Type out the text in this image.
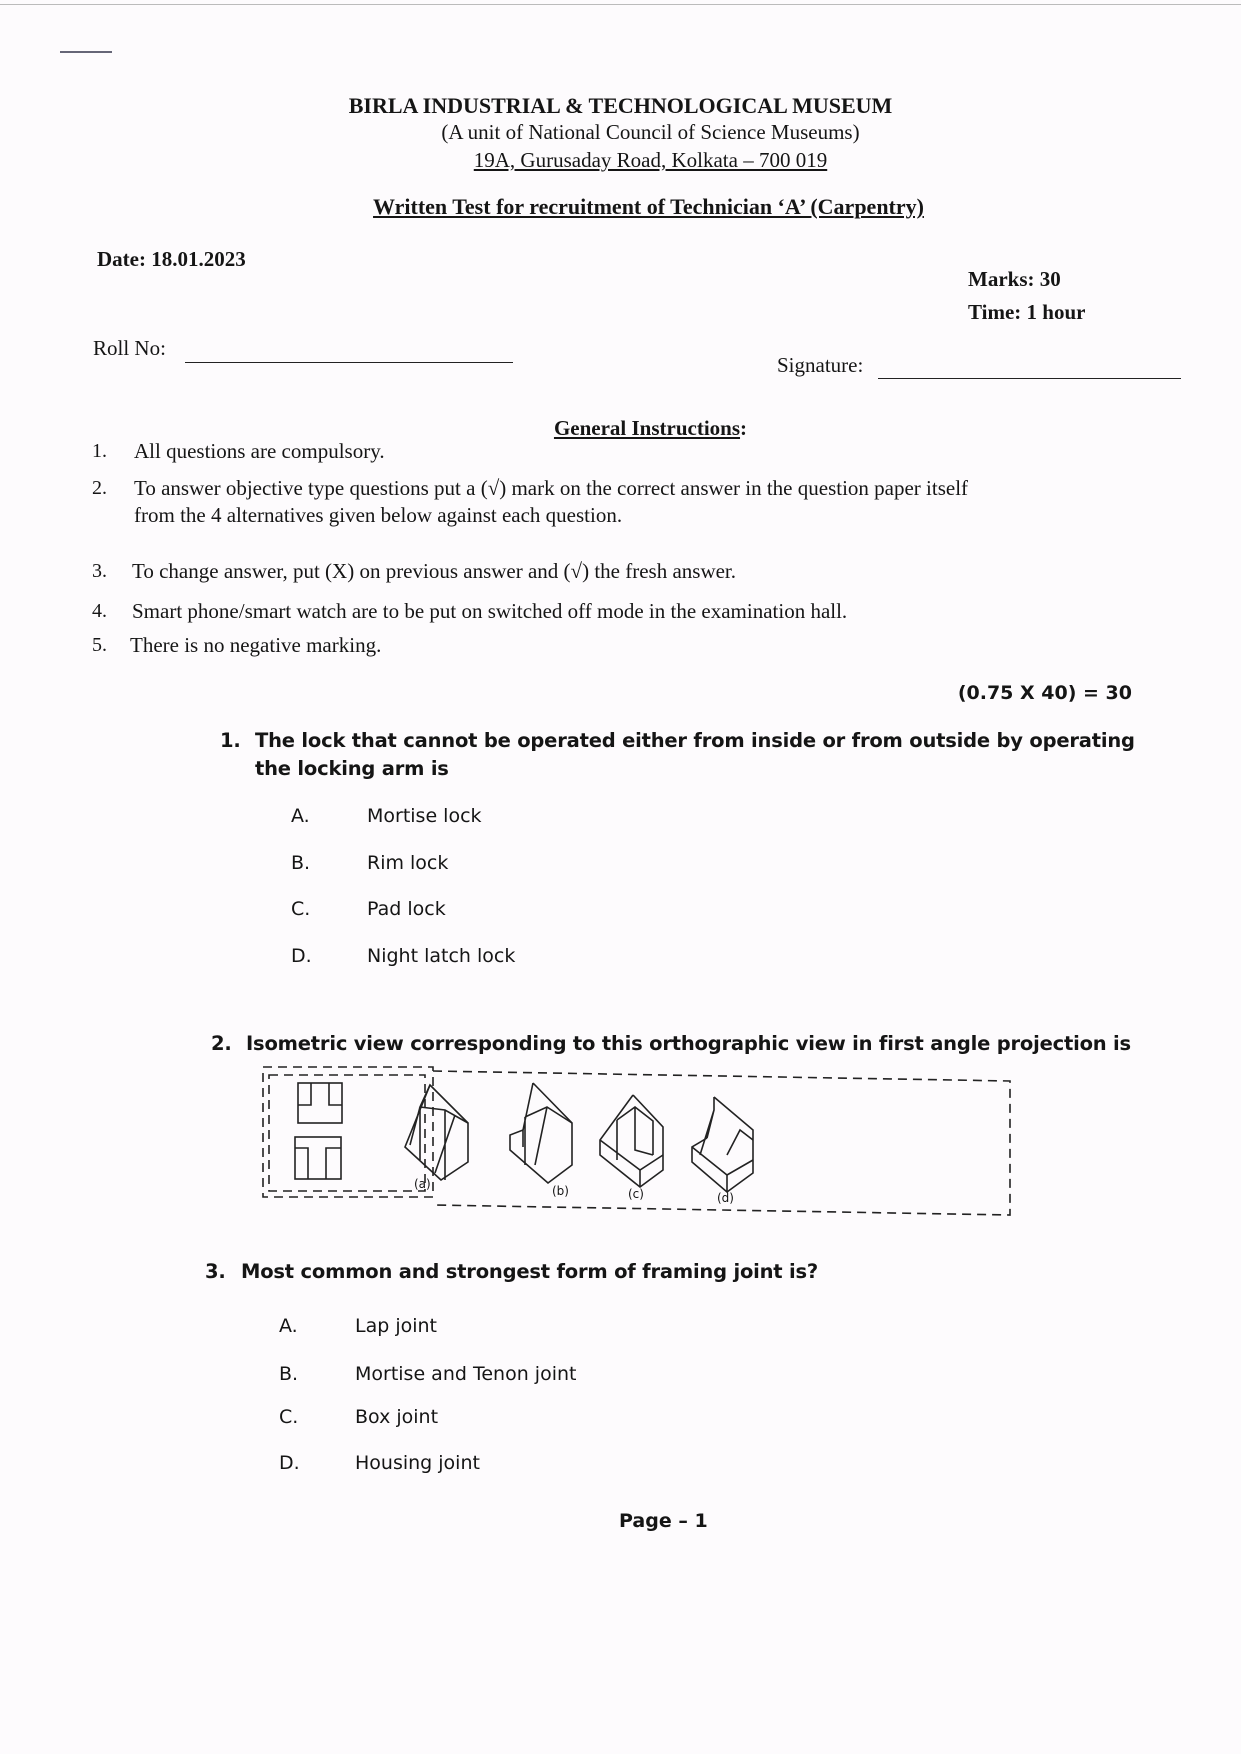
BIRLA INDUSTRIAL & TECHNOLOGICAL MUSEUM
(A unit of National Council of Science Museums)
19A, Gurusaday Road, Kolkata – 700 019
Written Test for recruitment of Technician ‘A’ (Carpentry)
Date: 18.01.2023
Marks: 30
Time: 1 hour
Roll No:
Signature:
General Instructions:
1. All questions are compulsory.
2. To answer objective type questions put a (√) mark on the correct answer in the question paper itself
from the 4 alternatives given below against each question.
3. To change answer, put (X) on previous answer and (√) the fresh answer.
4. Smart phone/smart watch are to be put on switched off mode in the examination hall.
5. There is no negative marking.
(0.75 X 40) = 30
1. The lock that cannot be operated either from inside or from outside by operating
the locking arm is
A.	Mortise lock
B.	Rim lock
C.	Pad lock
D.	Night latch lock
2. Isometric view corresponding to this orthographic view in first angle projection is
(a)	(b)	(c)	(d)
3. Most common and strongest form of framing joint is?
A.	Lap joint
B.	Mortise and Tenon joint
C.	Box joint
D.	Housing joint
Page – 1
